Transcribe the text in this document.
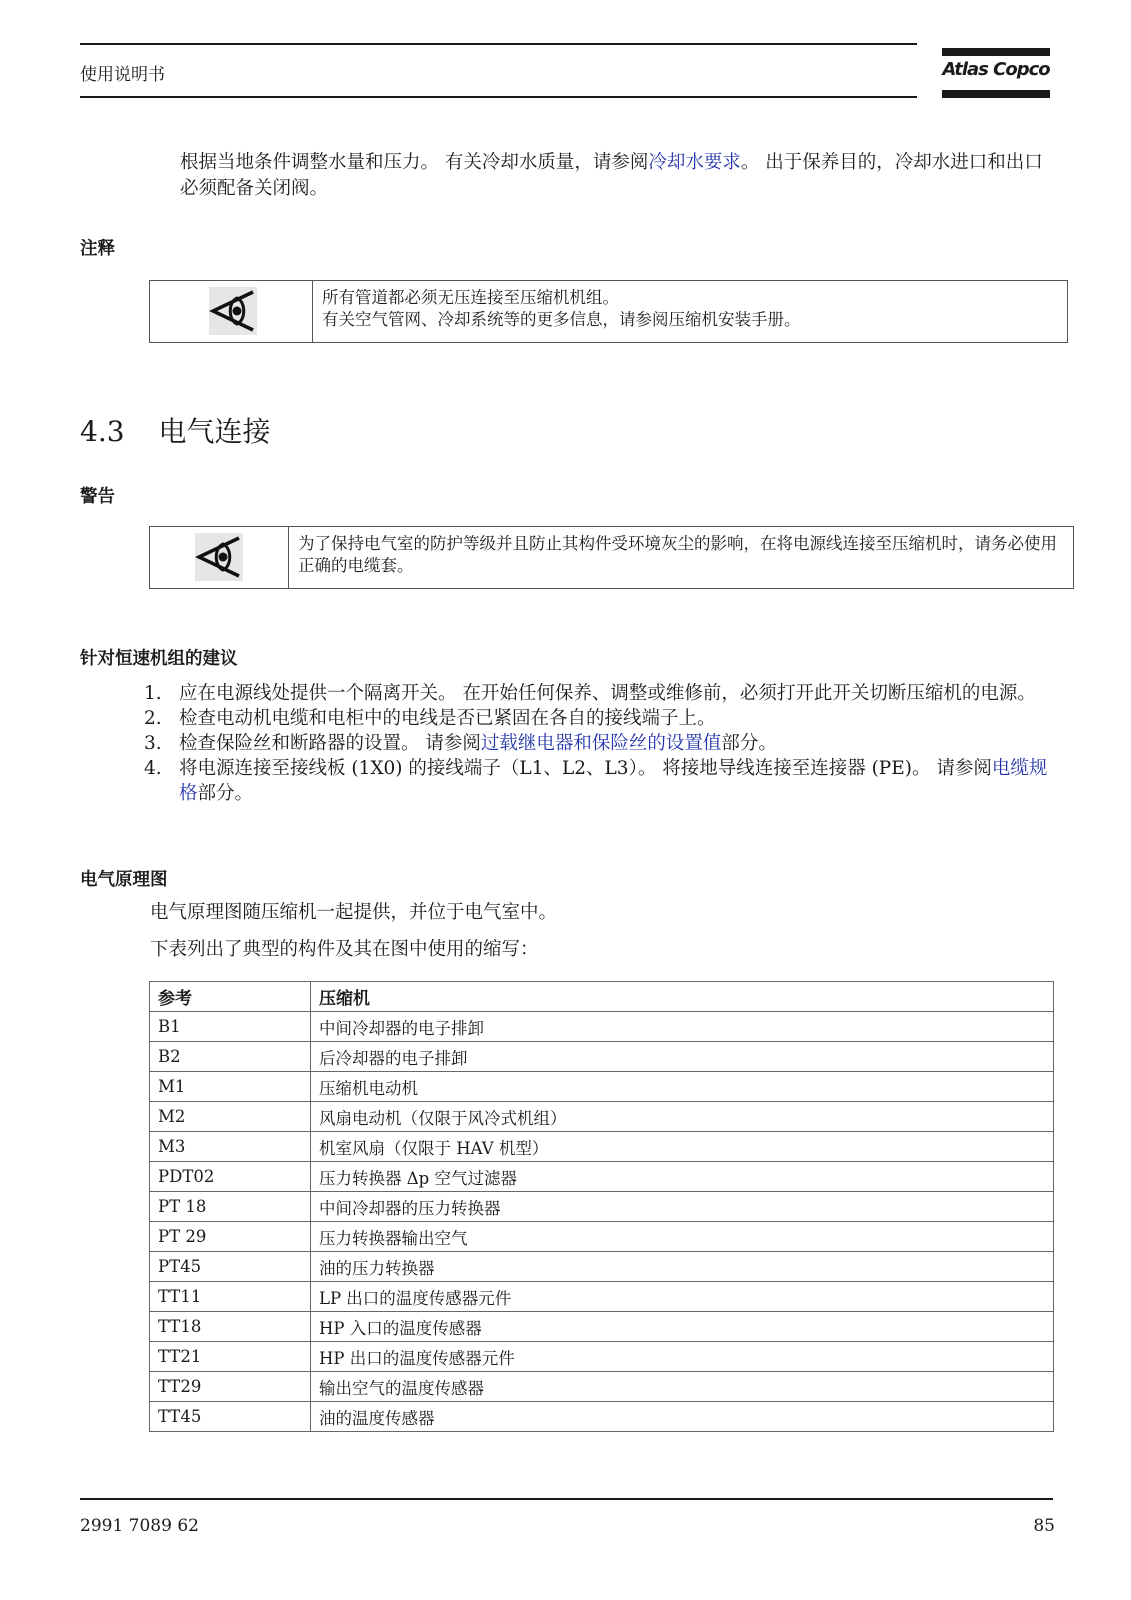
使用说明书	Atlas Copco
根据当地条件调整水量和压力。 有关冷却水质量，请参阅冷却水要求。 出于保养目的，冷却水进口和出口必须配备关闭阀。
注释
所有管道都必须无压连接至压缩机机组。
有关空气管网、冷却系统等的更多信息，请参阅压缩机安装手册。
4.3 电气连接
警告
为了保持电气室的防护等级并且防止其构件受环境灰尘的影响，在将电源线连接至压缩机时，请务必使用正确的电缆套。
针对恒速机组的建议
1. 应在电源线处提供一个隔离开关。 在开始任何保养、调整或维修前，必须打开此开关切断压缩机的电源。
2. 检查电动机电缆和电柜中的电线是否已紧固在各自的接线端子上。
3. 检查保险丝和断路器的设置。 请参阅过载继电器和保险丝的设置值部分。
4. 将电源连接至接线板 (1X0) 的接线端子（L1、L2、L3）。 将接地导线连接至连接器 (PE)。 请参阅电缆规格部分。
电气原理图
电气原理图随压缩机一起提供，并位于电气室中。
下表列出了典型的构件及其在图中使用的缩写：
参考	压缩机
B1	中间冷却器的电子排卸
B2	后冷却器的电子排卸
M1	压缩机电动机
M2	风扇电动机（仅限于风冷式机组）
M3	机室风扇（仅限于 HAV 机型）
PDT02	压力转换器 Δp 空气过滤器
PT 18	中间冷却器的压力转换器
PT 29	压力转换器输出空气
PT45	油的压力转换器
TT11	LP 出口的温度传感器元件
TT18	HP 入口的温度传感器
TT21	HP 出口的温度传感器元件
TT29	输出空气的温度传感器
TT45	油的温度传感器
2991 7089 62	85
